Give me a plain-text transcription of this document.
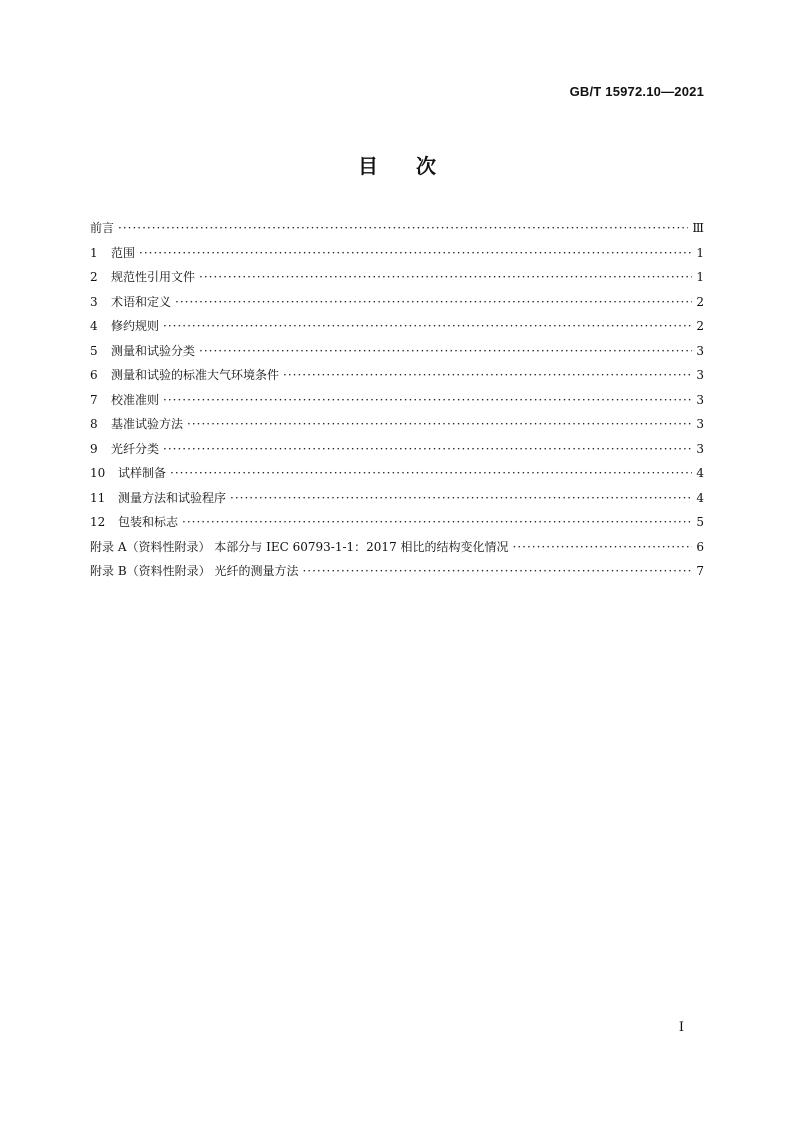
GB/T 15972.10—2021
目 次
前言 ·····	Ⅲ
1	范围 ·····	1
2	规范性引用文件 ·····	1
3	术语和定义 ·····	2
4	修约规则 ·····	2
5	测量和试验分类 ·····	3
6	测量和试验的标准大气环境条件 ·····	3
7	校准准则 ·····	3
8	基准试验方法 ·····	3
9	光纤分类 ·····	3
10	试样制备 ·····	4
11	测量方法和试验程序 ·····	4
12	包装和标志 ·····	5
附录 A（资料性附录） 本部分与 IEC 60793-1-1：2017 相比的结构变化情况 ·····	6
附录 B（资料性附录） 光纤的测量方法 ·····	7
Ⅰ
